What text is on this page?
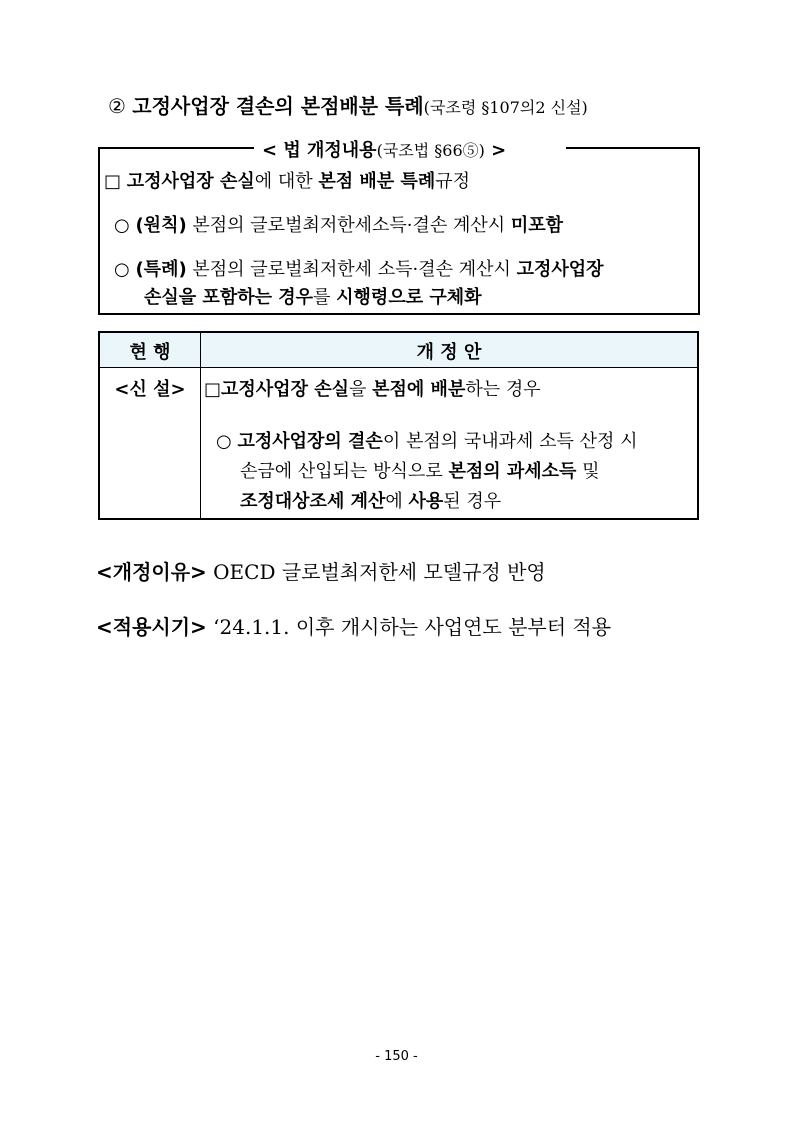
② 고정사업장 결손의 본점배분 특례(국조령 §107의2 신설)
< 법 개정내용(국조법 §66⑤) >
□ 고정사업장 손실에 대한 본점 배분 특례규정
○ (원칙) 본점의 글로벌최저한세소득·결손 계산시 미포함
○ (특례) 본점의 글로벌최저한세 소득·결손 계산시 고정사업장
손실을 포함하는 경우를 시행령으로 구체화
현 행	개 정 안
<신 설>	□고정사업장 손실을 본점에 배분하는 경우
○ 고정사업장의 결손이 본점의 국내과세 소득 산정 시
손금에 산입되는 방식으로 본점의 과세소득 및
조정대상조세 계산에 사용된 경우
<개정이유> OECD 글로벌최저한세 모델규정 반영
<적용시기> ‘24.1.1. 이후 개시하는 사업연도 분부터 적용
- 150 -
